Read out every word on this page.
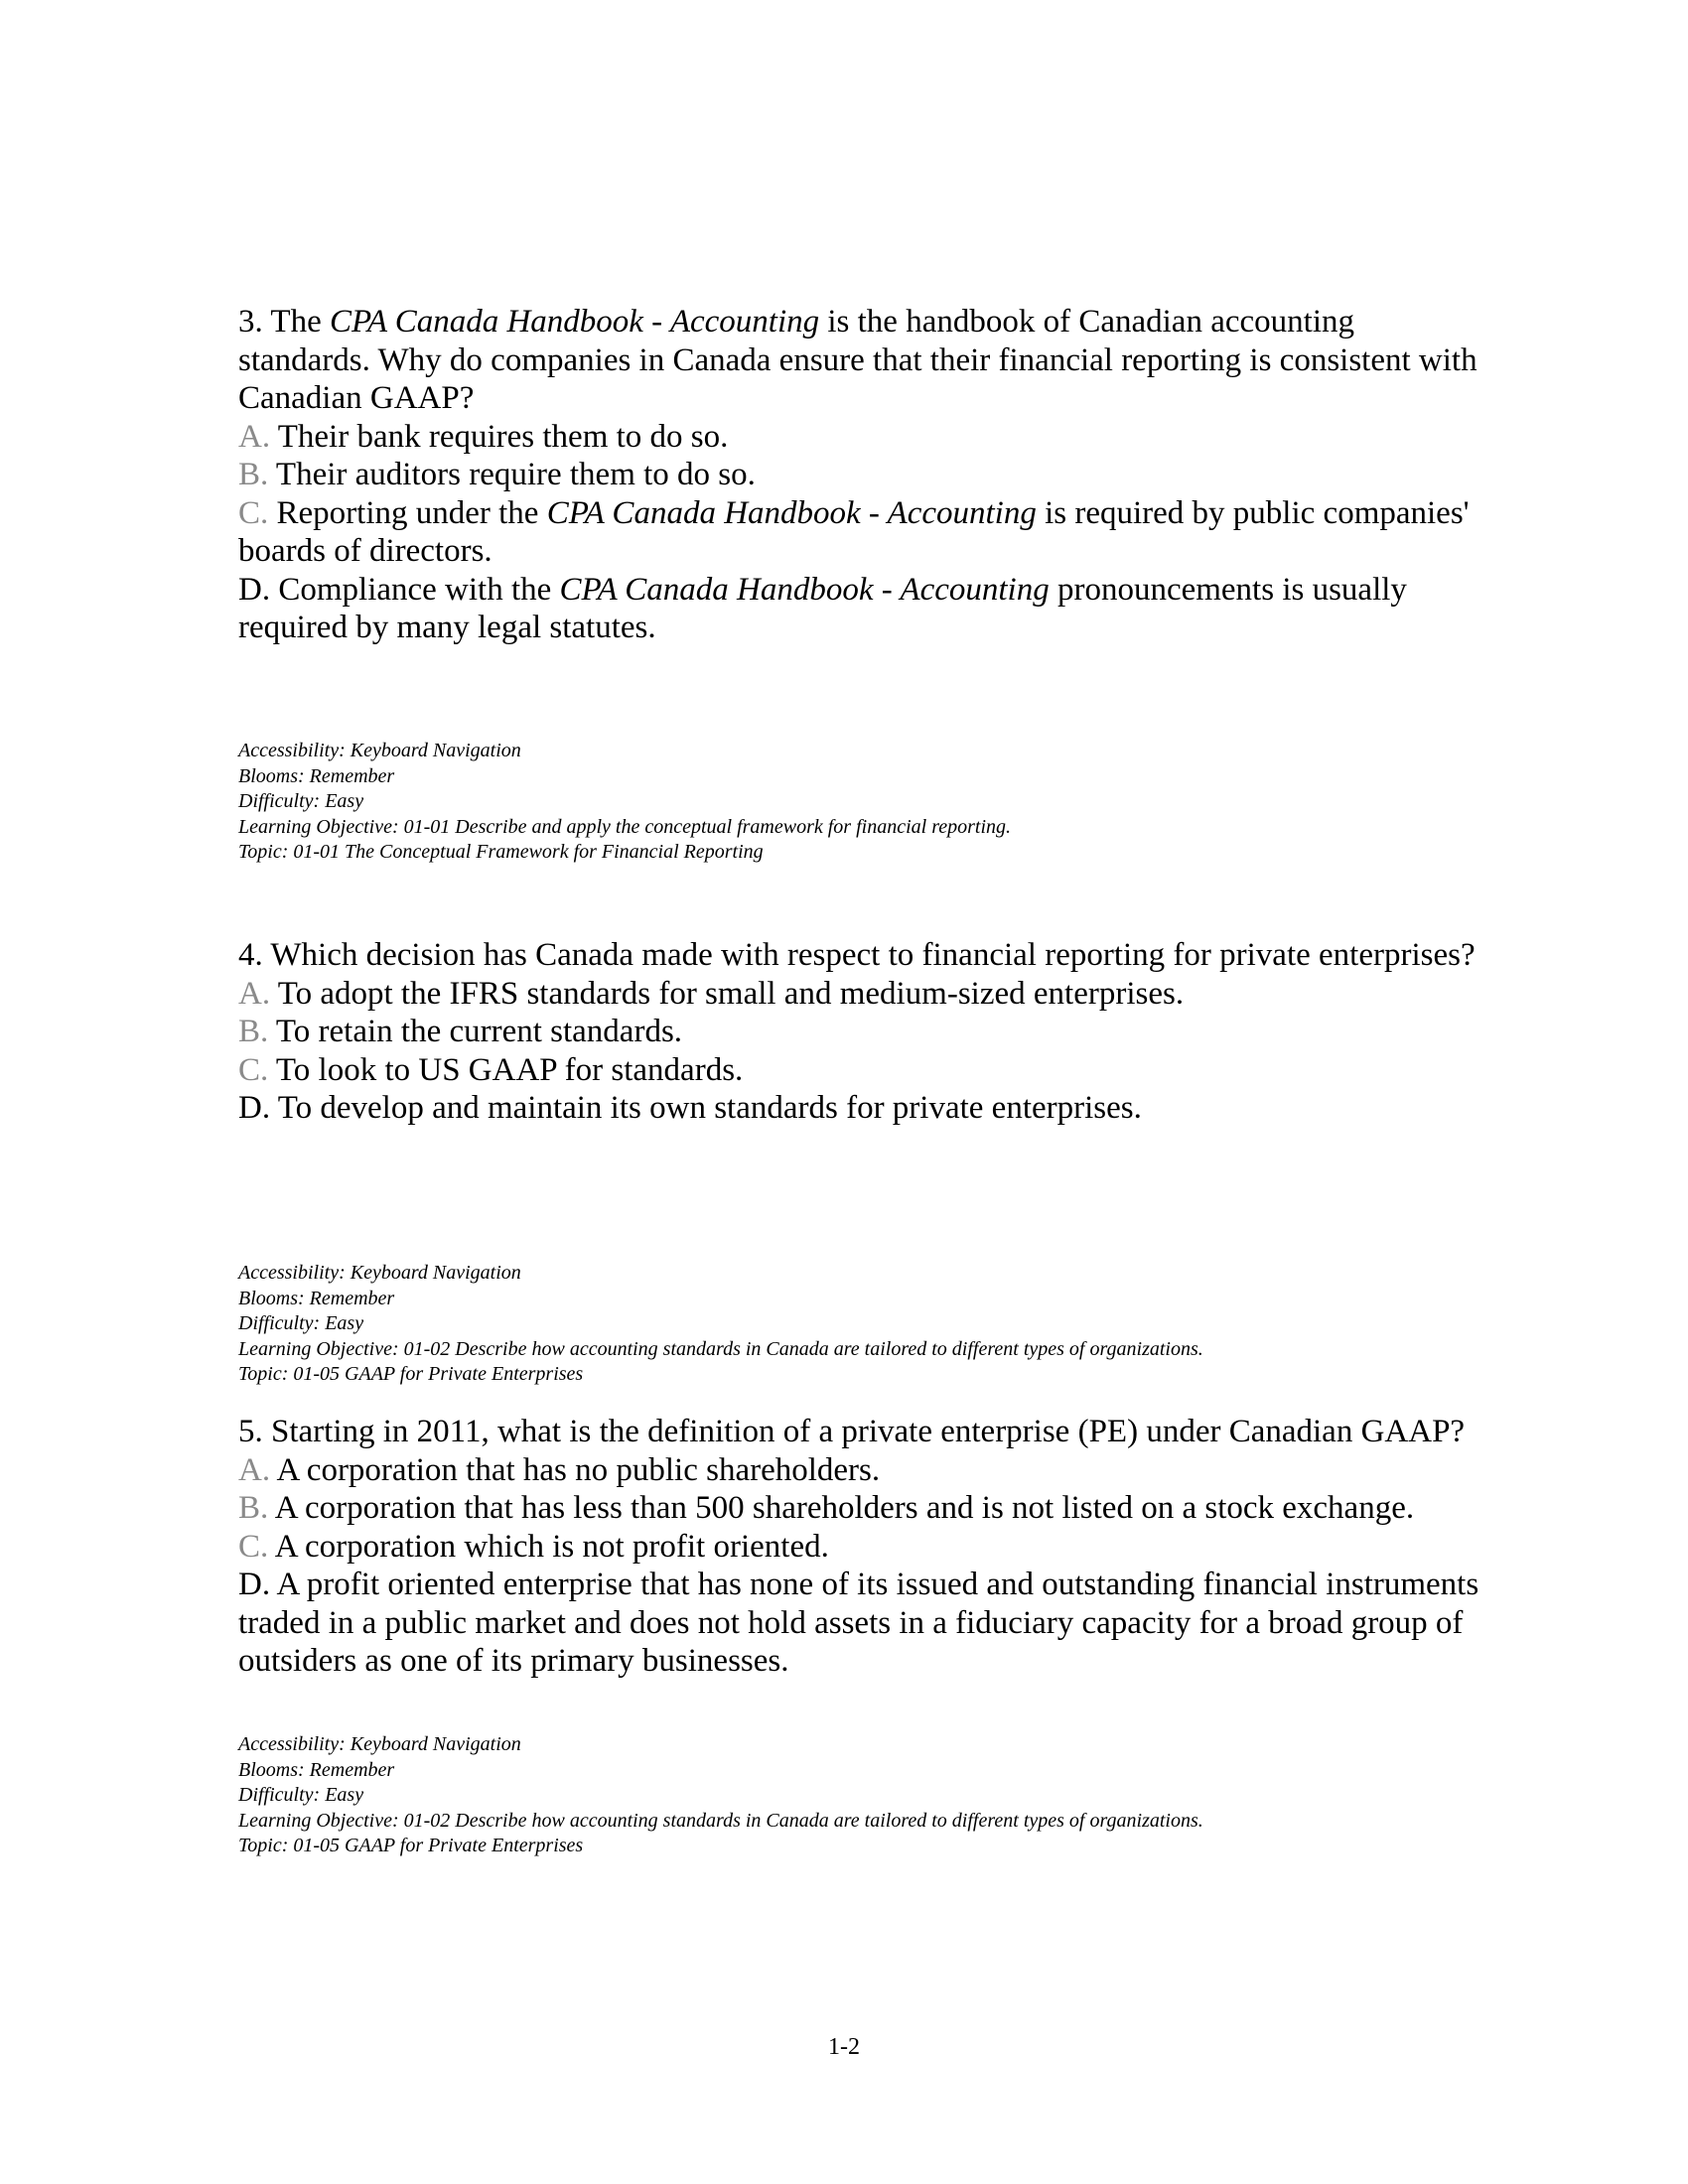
3. The CPA Canada Handbook - Accounting is the handbook of Canadian accounting standards. Why do companies in Canada ensure that their financial reporting is consistent with Canadian GAAP?

A. Their bank requires them to do so.

B. Their auditors require them to do so.

C. Reporting under the CPA Canada Handbook - Accounting is required by public companies' boards of directors.

D. Compliance with the CPA Canada Handbook - Accounting pronouncements is usually required by many legal statutes.

Accessibility: Keyboard Navigation
Blooms: Remember
Difficulty: Easy
Learning Objective: 01-01 Describe and apply the conceptual framework for financial reporting.
Topic: 01-01 The Conceptual Framework for Financial Reporting

4. Which decision has Canada made with respect to financial reporting for private enterprises?

A. To adopt the IFRS standards for small and medium-sized enterprises.

B. To retain the current standards.

C. To look to US GAAP for standards.

D. To develop and maintain its own standards for private enterprises.

Accessibility: Keyboard Navigation
Blooms: Remember
Difficulty: Easy
Learning Objective: 01-02 Describe how accounting standards in Canada are tailored to different types of organizations.
Topic: 01-05 GAAP for Private Enterprises

5. Starting in 2011, what is the definition of a private enterprise (PE) under Canadian GAAP?

A. A corporation that has no public shareholders.

B. A corporation that has less than 500 shareholders and is not listed on a stock exchange.

C. A corporation which is not profit oriented.

D. A profit oriented enterprise that has none of its issued and outstanding financial instruments traded in a public market and does not hold assets in a fiduciary capacity for a broad group of outsiders as one of its primary businesses.

Accessibility: Keyboard Navigation
Blooms: Remember
Difficulty: Easy
Learning Objective: 01-02 Describe how accounting standards in Canada are tailored to different types of organizations.
Topic: 01-05 GAAP for Private Enterprises
1-2
